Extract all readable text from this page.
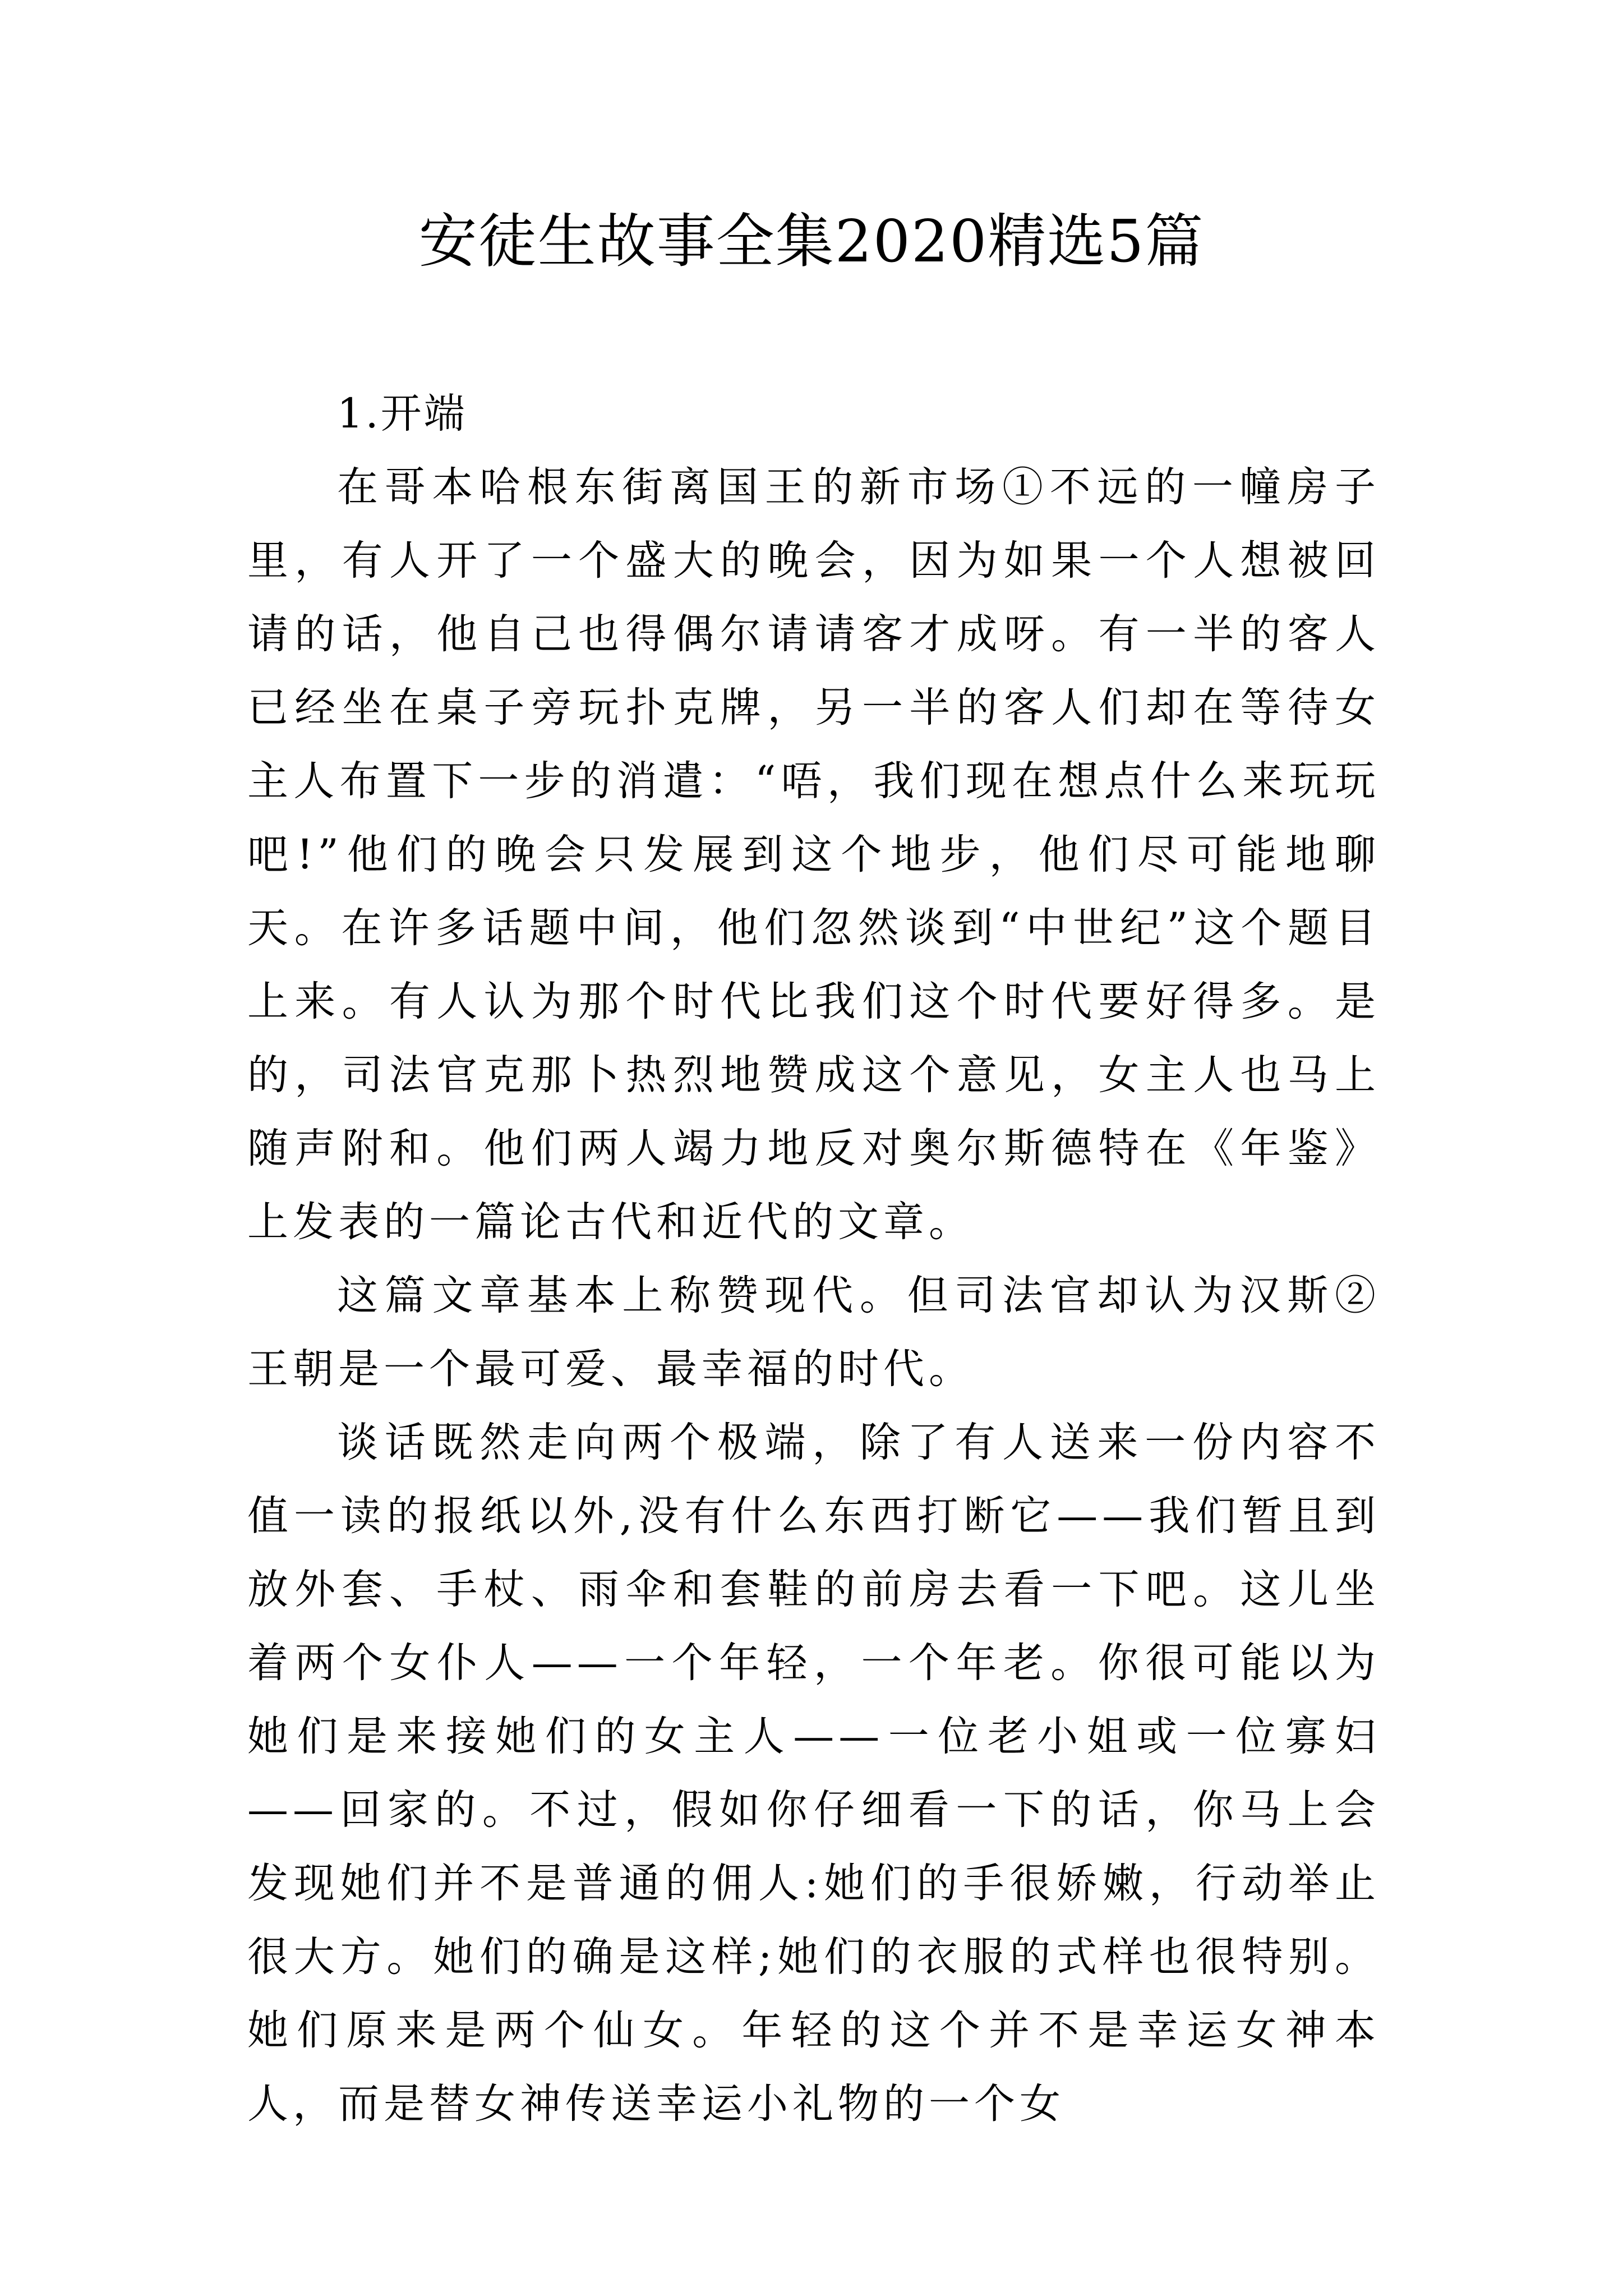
安徒生故事全集2020精选5篇

1.开端

在哥本哈根东街离国王的新市场①不远的一幢房子里，有人开了一个盛大的晚会，因为如果一个人想被回请的话，他自己也得偶尔请请客才成呀。有一半的客人已经坐在桌子旁玩扑克牌，另一半的客人们却在等待女主人布置下一步的消遣：“唔，我们现在想点什么来玩玩吧!”他们的晚会只发展到这个地步，他们尽可能地聊天。在许多话题中间，他们忽然谈到“中世纪”这个题目上来。有人认为那个时代比我们这个时代要好得多。是的，司法官克那卜热烈地赞成这个意见，女主人也马上随声附和。他们两人竭力地反对奥尔斯德特在《年鉴》上发表的一篇论古代和近代的文章。

这篇文章基本上称赞现代。但司法官却认为汉斯②王朝是一个最可爱、最幸福的时代。

谈话既然走向两个极端，除了有人送来一份内容不值一读的报纸以外,没有什么东西打断它——我们暂且到放外套、手杖、雨伞和套鞋的前房去看一下吧。这儿坐着两个女仆人——一个年轻，一个年老。你很可能以为她们是来接她们的女主人——一位老小姐或一位寡妇——回家的。不过，假如你仔细看一下的话，你马上会发现她们并不是普通的佣人:她们的手很娇嫩，行动举止很大方。她们的确是这样;她们的衣服的式样也很特别。她们原来是两个仙女。年轻的这个并不是幸运女神本人，而是替女神传送幸运小礼物的一个女
